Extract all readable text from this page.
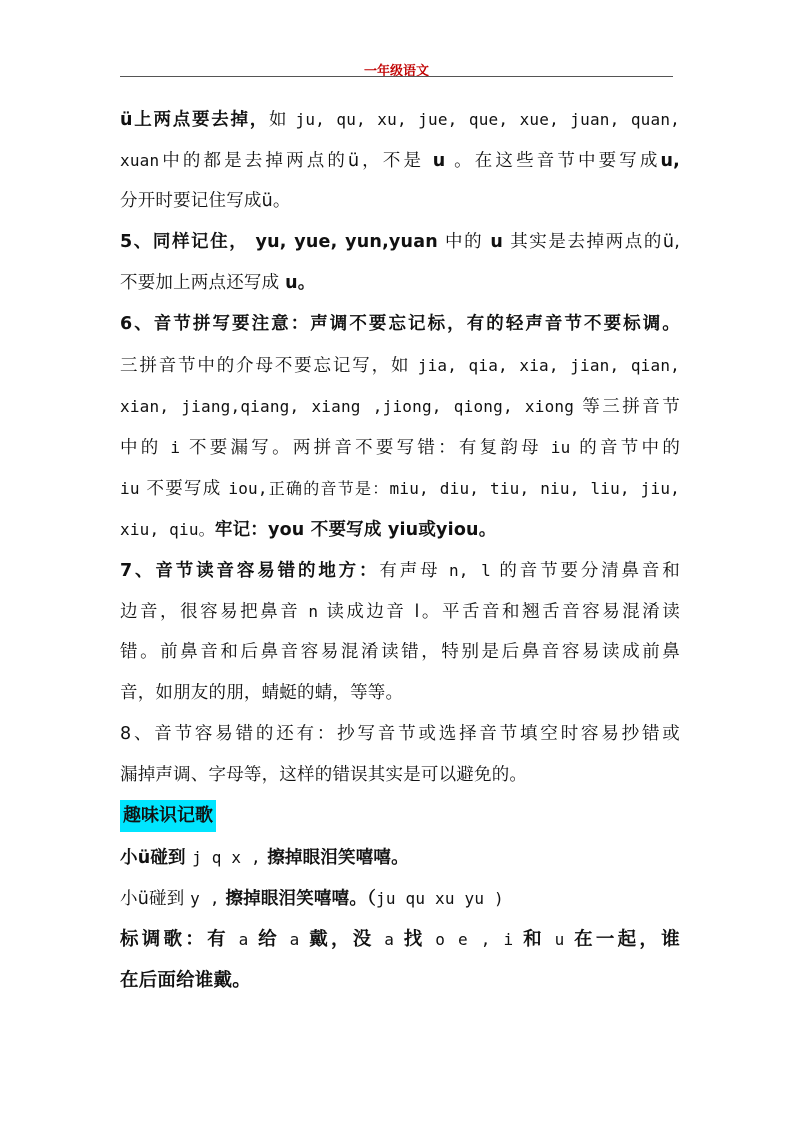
一年级语文
ü上两点要去掉，如 ju, qu, xu, jue, que, xue, juan, quan,
xuan中的都是去掉两点的ü，不是 u 。在这些音节中要写成u,
分开时要记住写成ü。
5、同样记住， yu, yue, yun,yuan 中的 u 其实是去掉两点的ü,
不要加上两点还写成 u。
6、音节拼写要注意：声调不要忘记标，有的轻声音节不要标调。
三拼音节中的介母不要忘记写，如 jia, qia, xia, jian, qian,
xian, jiang,qiang, xiang ,jiong, qiong, xiong 等三拼音节
中的 i 不要漏写。两拼音不要写错：有复韵母 iu 的音节中的
iu 不要写成 iou,正确的音节是：miu, diu, tiu, niu, liu, jiu,
xiu, qiu。牢记：you 不要写成 yiu或yiou。
7、音节读音容易错的地方：有声母 n, l 的音节要分清鼻音和
边音，很容易把鼻音 n 读成边音 l。平舌音和翘舌音容易混淆读
错。前鼻音和后鼻音容易混淆读错，特别是后鼻音容易读成前鼻
音，如朋友的朋，蜻蜓的蜻，等等。
8、音节容易错的还有：抄写音节或选择音节填空时容易抄错或
漏掉声调、字母等，这样的错误其实是可以避免的。
趣味识记歌
小ü碰到 j q x , 擦掉眼泪笑嘻嘻。
小ü碰到 y , 擦掉眼泪笑嘻嘻。（ju qu xu yu )
标调歌：有 a 给 a 戴，没 a 找 o e , i 和 u 在一起，谁
在后面给谁戴。
